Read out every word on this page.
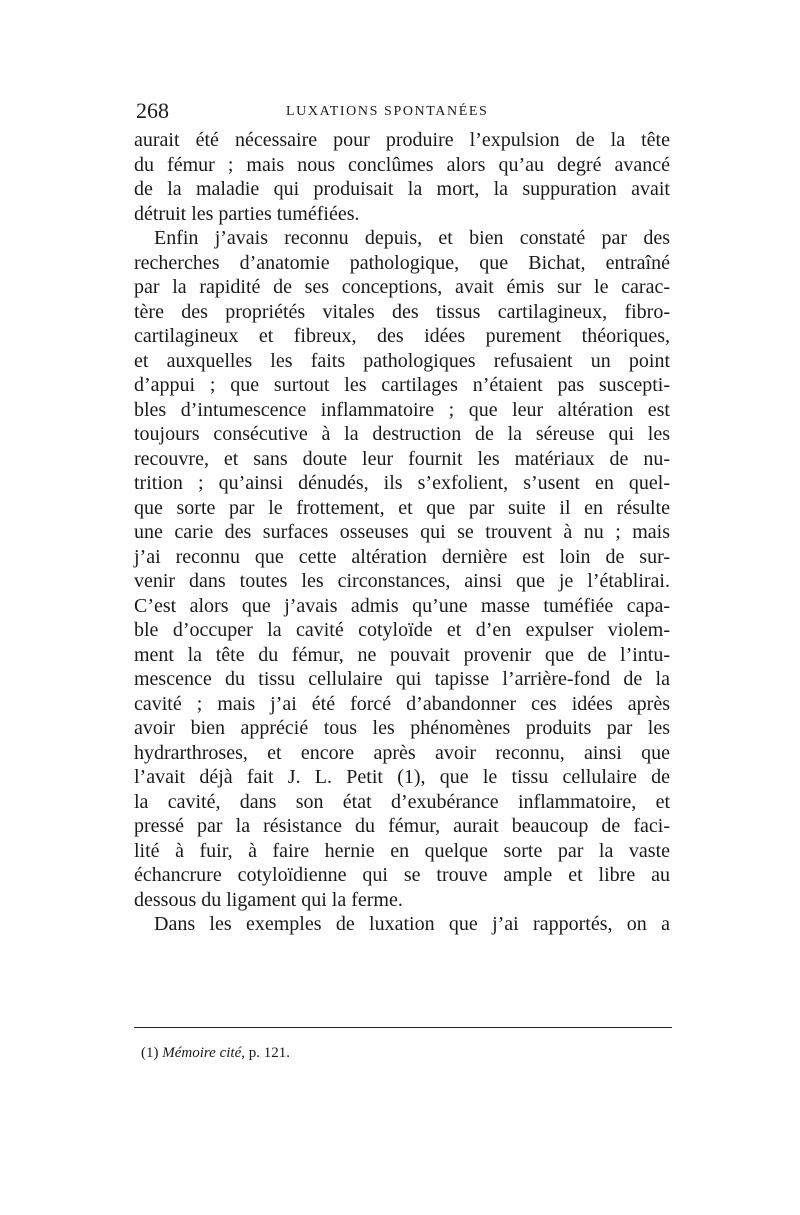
268	LUXATIONS SPONTANÉES
aurait été nécessaire pour produire l’expulsion de la tête
du fémur ; mais nous conclûmes alors qu’au degré avancé
de la maladie qui produisait la mort, la suppuration avait
détruit les parties tuméfiées.
Enfin j’avais reconnu depuis, et bien constaté par des
recherches d’anatomie pathologique, que Bichat, entraîné
par la rapidité de ses conceptions, avait émis sur le carac-
tère des propriétés vitales des tissus cartilagineux, fibro-
cartilagineux et fibreux, des idées purement théoriques,
et auxquelles les faits pathologiques refusaient un point
d’appui ; que surtout les cartilages n’étaient pas suscepti-
bles d’intumescence inflammatoire ; que leur altération est
toujours consécutive à la destruction de la séreuse qui les
recouvre, et sans doute leur fournit les matériaux de nu-
trition ; qu’ainsi dénudés, ils s’exfolient, s’usent en quel-
que sorte par le frottement, et que par suite il en résulte
une carie des surfaces osseuses qui se trouvent à nu ; mais
j’ai reconnu que cette altération dernière est loin de sur-
venir dans toutes les circonstances, ainsi que je l’établirai.
C’est alors que j’avais admis qu’une masse tuméfiée capa-
ble d’occuper la cavité cotyloïde et d’en expulser violem-
ment la tête du fémur, ne pouvait provenir que de l’intu-
mescence du tissu cellulaire qui tapisse l’arrière-fond de la
cavité ; mais j’ai été forcé d’abandonner ces idées après
avoir bien apprécié tous les phénomènes produits par les
hydrarthroses, et encore après avoir reconnu, ainsi que
l’avait déjà fait J. L. Petit (1), que le tissu cellulaire de
la cavité, dans son état d’exubérance inflammatoire, et
pressé par la résistance du fémur, aurait beaucoup de faci-
lité à fuir, à faire hernie en quelque sorte par la vaste
échancrure cotyloïdienne qui se trouve ample et libre au
dessous du ligament qui la ferme.
Dans les exemples de luxation que j’ai rapportés, on a
(1) Mémoire cité, p. 121.
